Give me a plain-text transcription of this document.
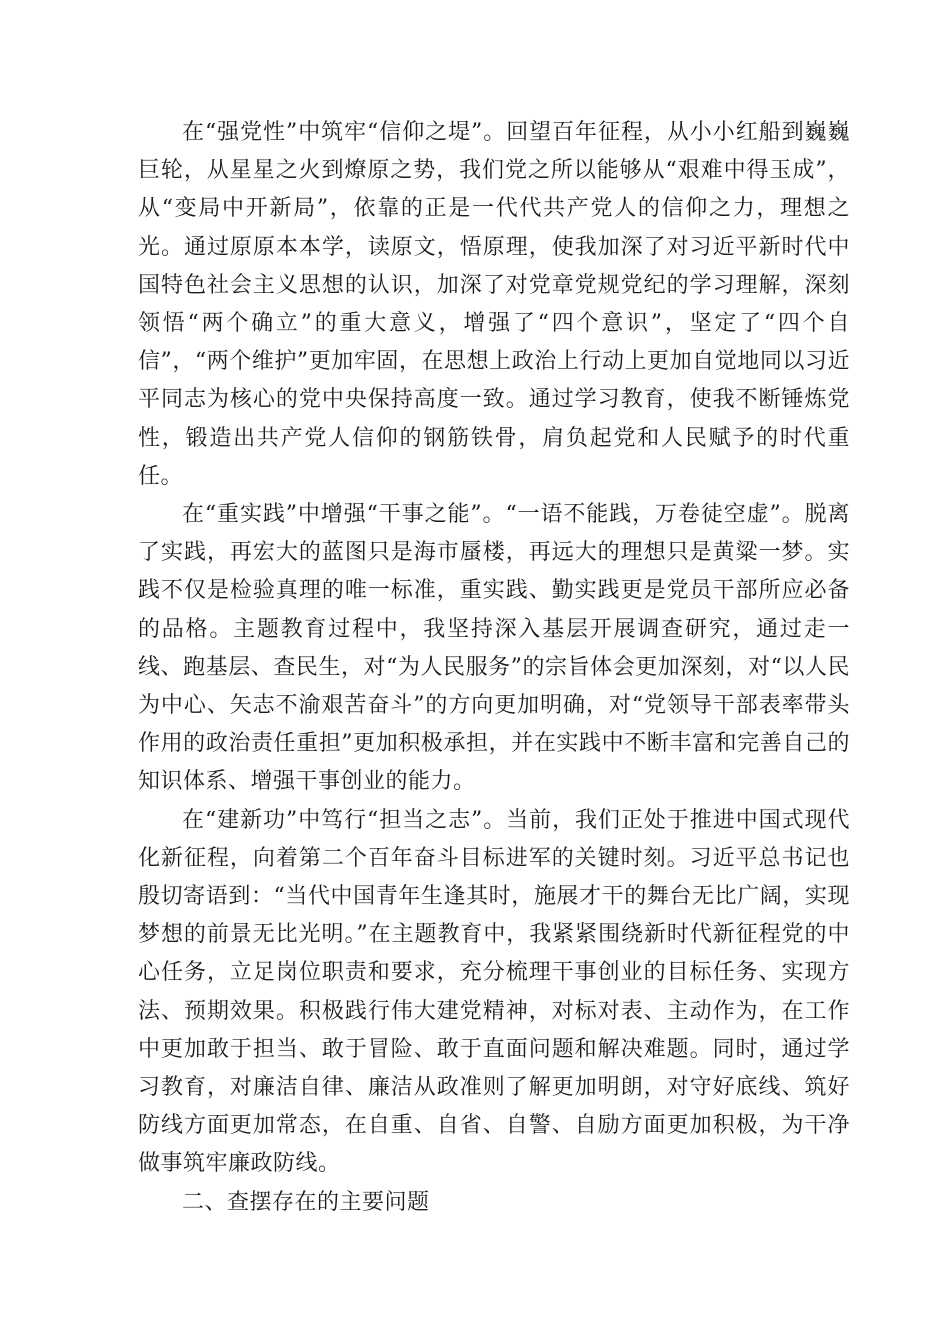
在“强党性”中筑牢“信仰之堤”。回望百年征程，从小小红船到巍巍巨轮，从星星之火到燎原之势，我们党之所以能够从“艰难中得玉成”，从“变局中开新局”，依靠的正是一代代共产党人的信仰之力，理想之光。通过原原本本学，读原文，悟原理，使我加深了对习近平新时代中国特色社会主义思想的认识，加深了对党章党规党纪的学习理解，深刻领悟“两个确立”的重大意义，增强了“四个意识”，坚定了“四个自信”，“两个维护”更加牢固，在思想上政治上行动上更加自觉地同以习近平同志为核心的党中央保持高度一致。通过学习教育，使我不断锤炼党性，锻造出共产党人信仰的钢筋铁骨，肩负起党和人民赋予的时代重任。

在“重实践”中增强“干事之能”。“一语不能践，万卷徒空虚”。脱离了实践，再宏大的蓝图只是海市蜃楼，再远大的理想只是黄粱一梦。实践不仅是检验真理的唯一标准，重实践、勤实践更是党员干部所应必备的品格。主题教育过程中，我坚持深入基层开展调查研究，通过走一线、跑基层、查民生，对“为人民服务”的宗旨体会更加深刻，对“以人民为中心、矢志不渝艰苦奋斗”的方向更加明确，对“党领导干部表率带头作用的政治责任重担”更加积极承担，并在实践中不断丰富和完善自己的知识体系、增强干事创业的能力。

在“建新功”中笃行“担当之志”。当前，我们正处于推进中国式现代化新征程，向着第二个百年奋斗目标进军的关键时刻。习近平总书记也殷切寄语到：“当代中国青年生逢其时，施展才干的舞台无比广阔，实现梦想的前景无比光明。”在主题教育中，我紧紧围绕新时代新征程党的中心任务，立足岗位职责和要求，充分梳理干事创业的目标任务、实现方法、预期效果。积极践行伟大建党精神，对标对表、主动作为，在工作中更加敢于担当、敢于冒险、敢于直面问题和解决难题。同时，通过学习教育，对廉洁自律、廉洁从政准则了解更加明朗，对守好底线、筑好防线方面更加常态，在自重、自省、自警、自励方面更加积极，为干净做事筑牢廉政防线。

二、查摆存在的主要问题
